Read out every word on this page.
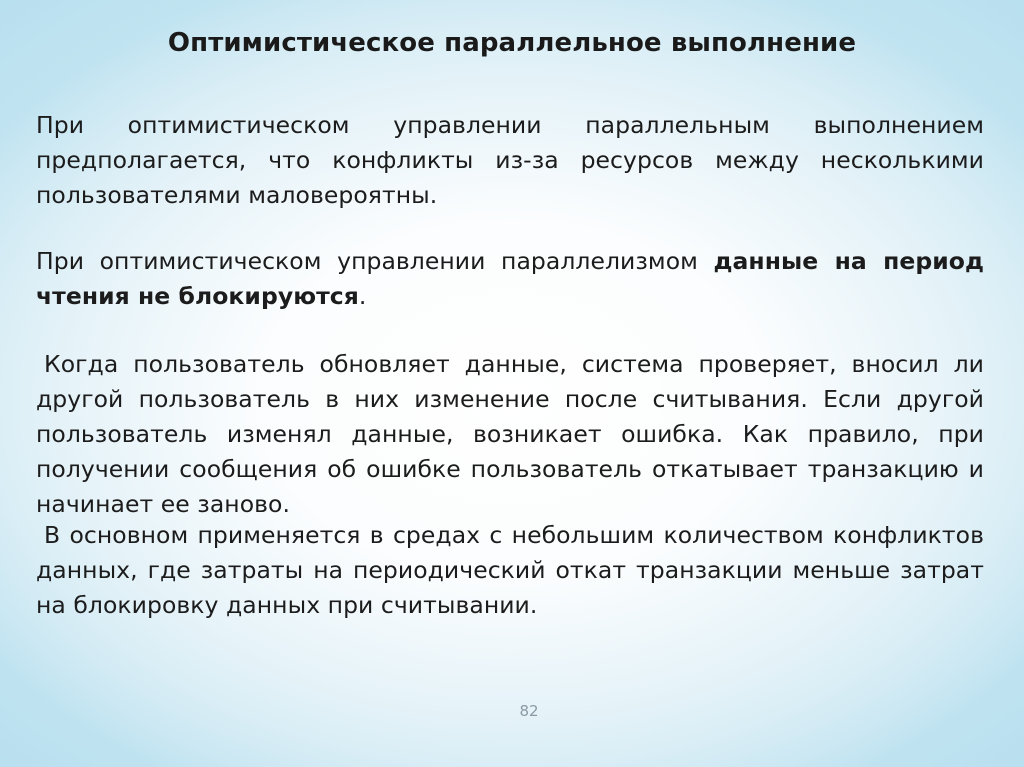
Оптимистическое параллельное выполнение
При оптимистическом управлении параллельным выполнением предполагается, что конфликты из-за ресурсов между несколькими пользователями маловероятны.
При оптимистическом управлении параллелизмом данные на период чтения не блокируются.
Когда пользователь обновляет данные, система проверяет, вносил ли другой пользователь в них изменение после считывания. Если другой пользователь изменял данные, возникает ошибка. Как правило, при получении сообщения об ошибке пользователь откатывает транзакцию и начинает ее заново.
В основном применяется в средах с небольшим количеством конфликтов данных, где затраты на периодический откат транзакции меньше затрат на блокировку данных при считывании.
82
